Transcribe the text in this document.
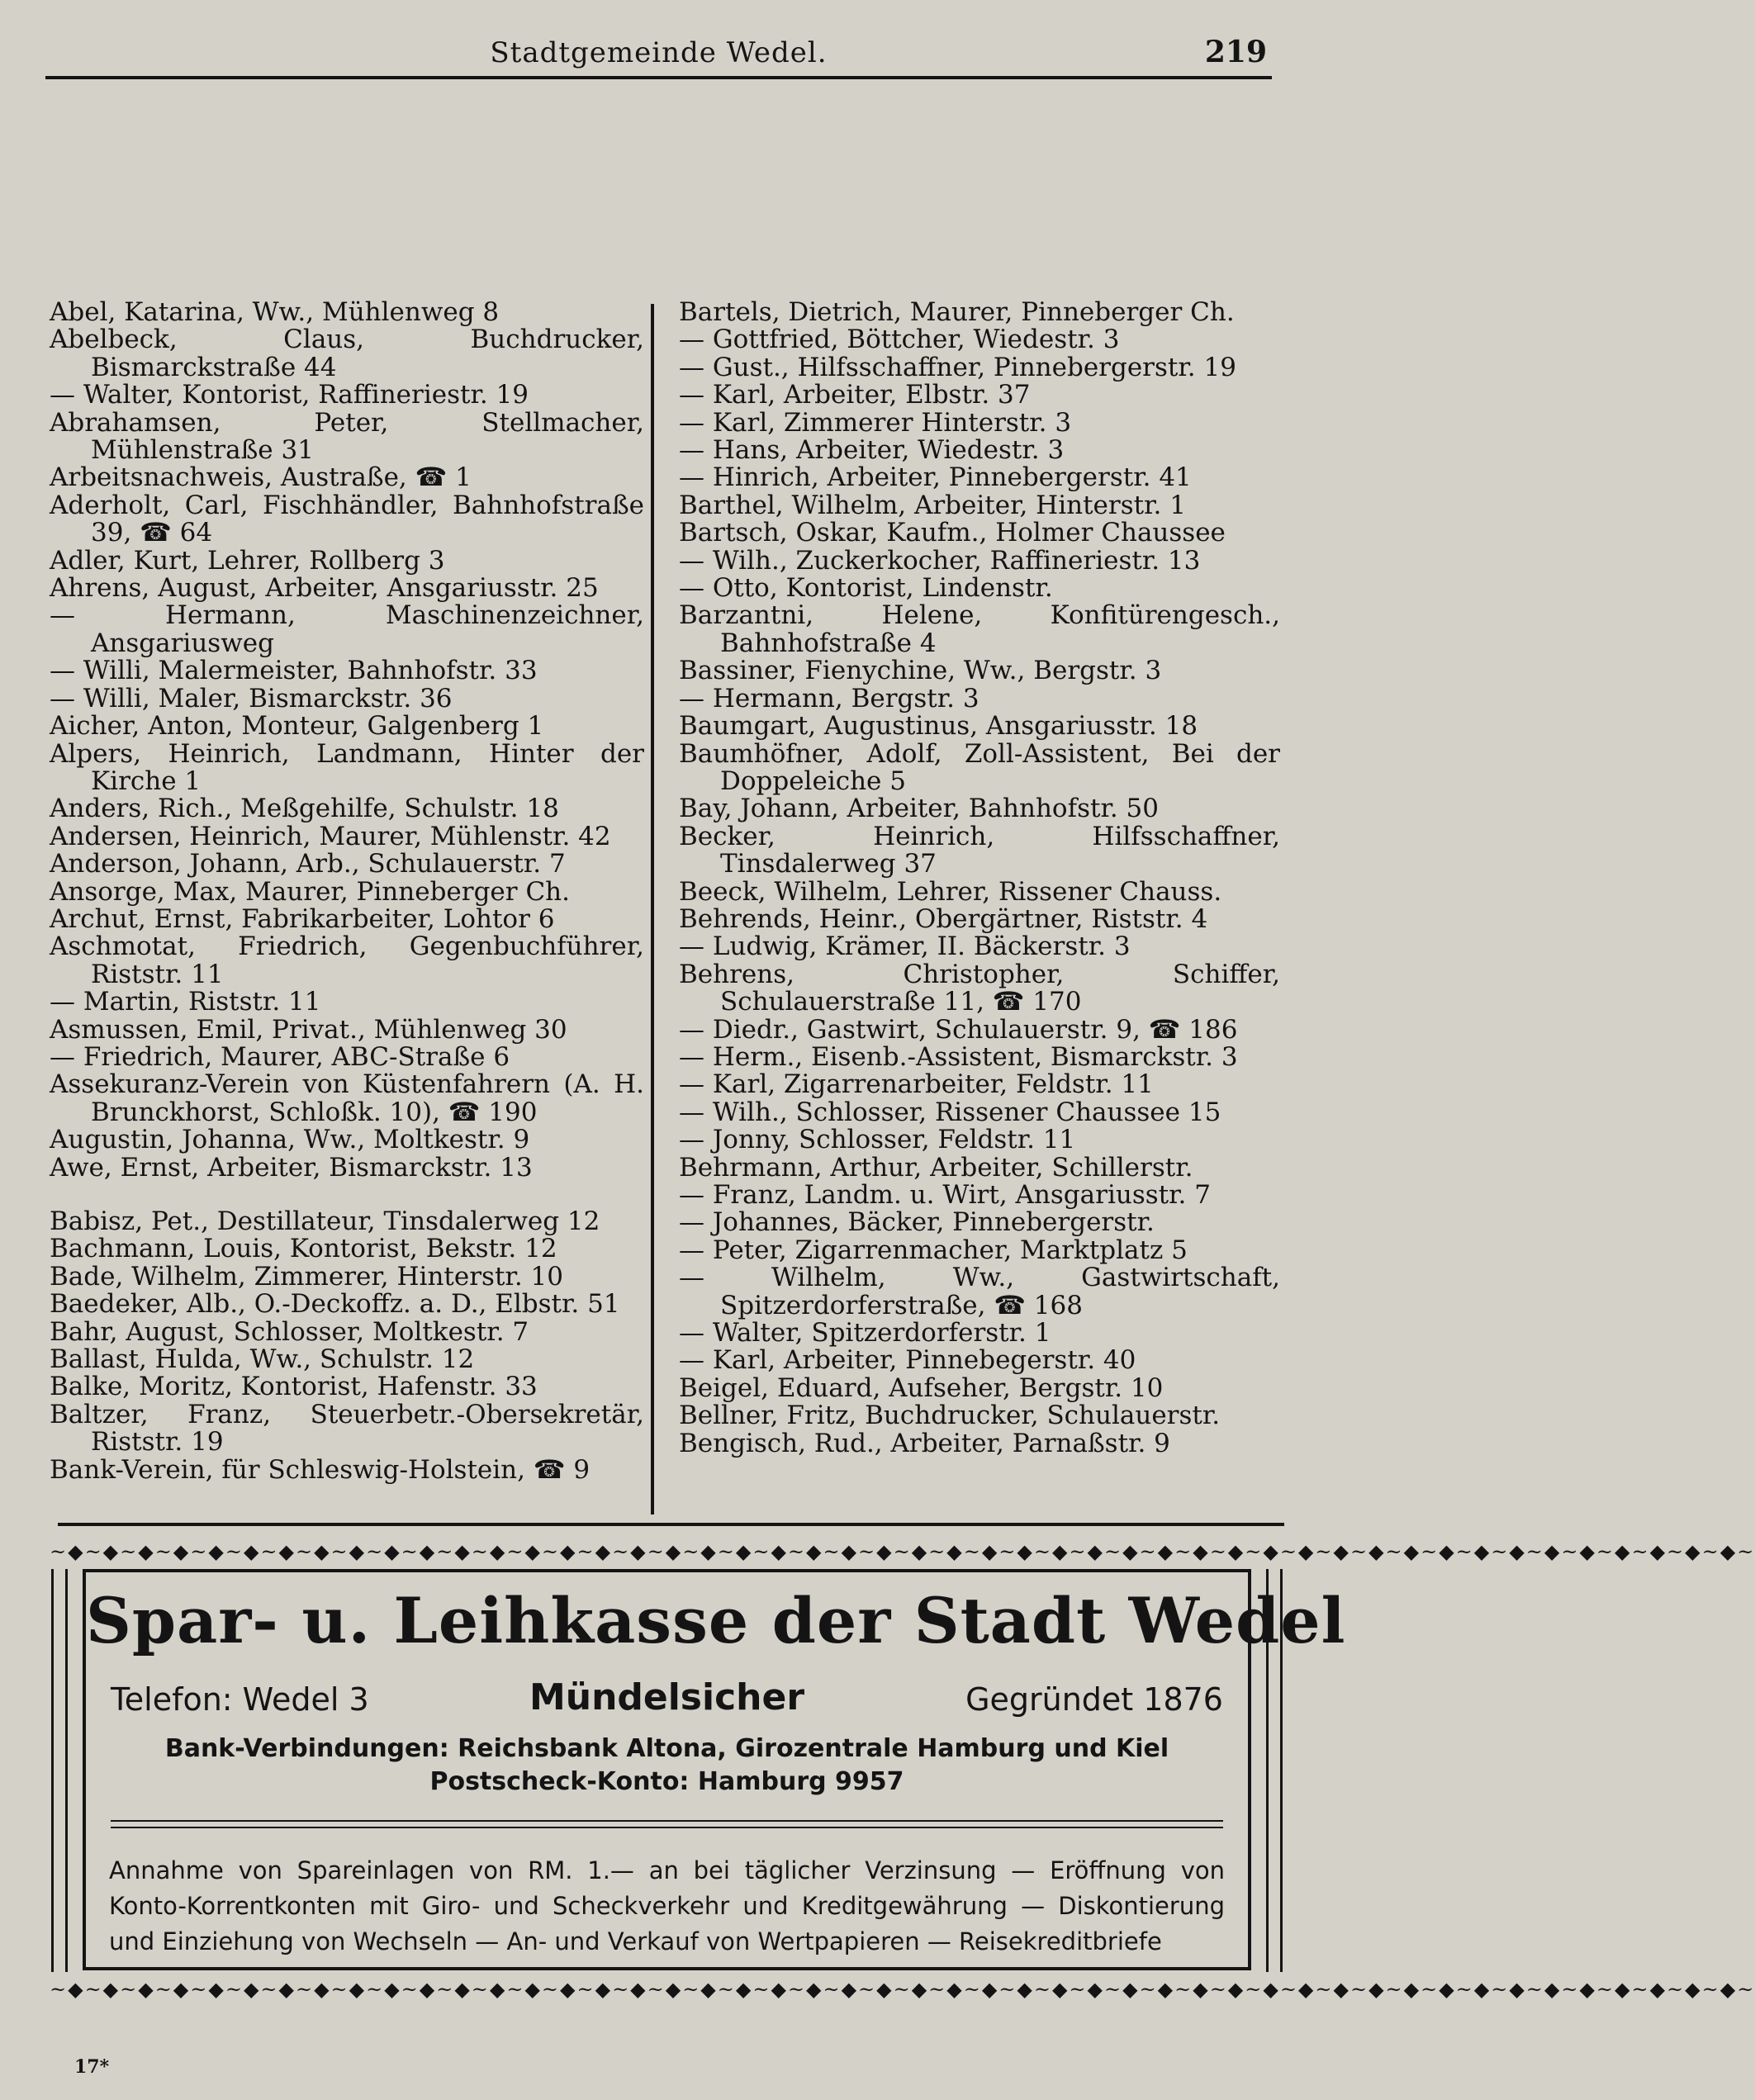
Stadtgemeinde Wedel.	219
Abel, Katarina, Ww., Mühlenweg 8
Abelbeck, Claus, Buchdrucker, Bismarckstraße 44
— Walter, Kontorist, Raffineriestr. 19
Abrahamsen, Peter, Stellmacher, Mühlenstraße 31
Arbeitsnachweis, Austraße, ☎ 1
Aderholt, Carl, Fischhändler, Bahnhofstraße 39, ☎ 64
Adler, Kurt, Lehrer, Rollberg 3
Ahrens, August, Arbeiter, Ansgariusstr. 25
— Hermann, Maschinenzeichner, Ansgariusweg
— Willi, Malermeister, Bahnhofstr. 33
— Willi, Maler, Bismarckstr. 36
Aicher, Anton, Monteur, Galgenberg 1
Alpers, Heinrich, Landmann, Hinter der Kirche 1
Anders, Rich., Meßgehilfe, Schulstr. 18
Andersen, Heinrich, Maurer, Mühlenstr. 42
Anderson, Johann, Arb., Schulauerstr. 7
Ansorge, Max, Maurer, Pinneberger Ch.
Archut, Ernst, Fabrikarbeiter, Lohtor 6
Aschmotat, Friedrich, Gegenbuchführer, Riststr. 11
— Martin, Riststr. 11
Asmussen, Emil, Privat., Mühlenweg 30
— Friedrich, Maurer, ABC-Straße 6
Assekuranz-Verein von Küstenfahrern (A. H. Brunckhorst, Schloßk. 10), ☎ 190
Augustin, Johanna, Ww., Moltkestr. 9
Awe, Ernst, Arbeiter, Bismarckstr. 13
Babisz, Pet., Destillateur, Tinsdalerweg 12
Bachmann, Louis, Kontorist, Bekstr. 12
Bade, Wilhelm, Zimmerer, Hinterstr. 10
Baedeker, Alb., O.-Deckoffz. a. D., Elbstr. 51
Bahr, August, Schlosser, Moltkestr. 7
Ballast, Hulda, Ww., Schulstr. 12
Balke, Moritz, Kontorist, Hafenstr. 33
Baltzer, Franz, Steuerbetr.-Obersekretär, Riststr. 19
Bank-Verein, für Schleswig-Holstein, ☎ 9
Bartels, Dietrich, Maurer, Pinneberger Ch.
— Gottfried, Böttcher, Wiedestr. 3
— Gust., Hilfsschaffner, Pinnebergerstr. 19
— Karl, Arbeiter, Elbstr. 37
— Karl, Zimmerer Hinterstr. 3
— Hans, Arbeiter, Wiedestr. 3
— Hinrich, Arbeiter, Pinnebergerstr. 41
Barthel, Wilhelm, Arbeiter, Hinterstr. 1
Bartsch, Oskar, Kaufm., Holmer Chaussee
— Wilh., Zuckerkocher, Raffineriestr. 13
— Otto, Kontorist, Lindenstr.
Barzantni, Helene, Konfitürengesch., Bahnhofstraße 4
Bassiner, Fienychine, Ww., Bergstr. 3
— Hermann, Bergstr. 3
Baumgart, Augustinus, Ansgariusstr. 18
Baumhöfner, Adolf, Zoll-Assistent, Bei der Doppeleiche 5
Bay, Johann, Arbeiter, Bahnhofstr. 50
Becker, Heinrich, Hilfsschaffner, Tinsdalerweg 37
Beeck, Wilhelm, Lehrer, Rissener Chauss.
Behrends, Heinr., Obergärtner, Riststr. 4
— Ludwig, Krämer, II. Bäckerstr. 3
Behrens, Christopher, Schiffer, Schulauerstraße 11, ☎ 170
— Diedr., Gastwirt, Schulauerstr. 9, ☎ 186
— Herm., Eisenb.-Assistent, Bismarckstr. 3
— Karl, Zigarrenarbeiter, Feldstr. 11
— Wilh., Schlosser, Rissener Chaussee 15
— Jonny, Schlosser, Feldstr. 11
Behrmann, Arthur, Arbeiter, Schillerstr.
— Franz, Landm. u. Wirt, Ansgariusstr. 7
— Johannes, Bäcker, Pinnebergerstr.
— Peter, Zigarrenmacher, Marktplatz 5
— Wilhelm, Ww., Gastwirtschaft, Spitzerdorferstraße, ☎ 168
— Walter, Spitzerdorferstr. 1
— Karl, Arbeiter, Pinnebegerstr. 40
Beigel, Eduard, Aufseher, Bergstr. 10
Bellner, Fritz, Buchdrucker, Schulauerstr.
Bengisch, Rud., Arbeiter, Parnaßstr. 9
~◆~◆~◆~◆~◆~◆~◆~◆~◆~◆~◆~◆~◆~◆~◆~◆~◆~◆~◆~◆~◆~◆~◆~◆~◆~◆~◆~◆~◆~◆~◆~◆~◆~◆~◆~◆~◆~◆~◆~◆~◆~◆~◆~◆~◆~◆~◆~◆~
Spar- u. Leihkasse der Stadt Wedel
Telefon: Wedel 3	Mündelsicher	Gegründet 1876
Bank-Verbindungen: Reichsbank Altona, Girozentrale Hamburg und Kiel
Postscheck-Konto: Hamburg 9957
Annahme von Spareinlagen von RM. 1.— an bei täglicher Verzinsung — Eröffnung von Konto-Korrentkonten mit Giro- und Scheckverkehr und Kreditgewährung — Diskontierung und Einziehung von Wechseln — An- und Verkauf von Wertpapieren — Reisekreditbriefe
~◆~◆~◆~◆~◆~◆~◆~◆~◆~◆~◆~◆~◆~◆~◆~◆~◆~◆~◆~◆~◆~◆~◆~◆~◆~◆~◆~◆~◆~◆~◆~◆~◆~◆~◆~◆~◆~◆~◆~◆~◆~◆~◆~◆~◆~◆~◆~◆~
17*
